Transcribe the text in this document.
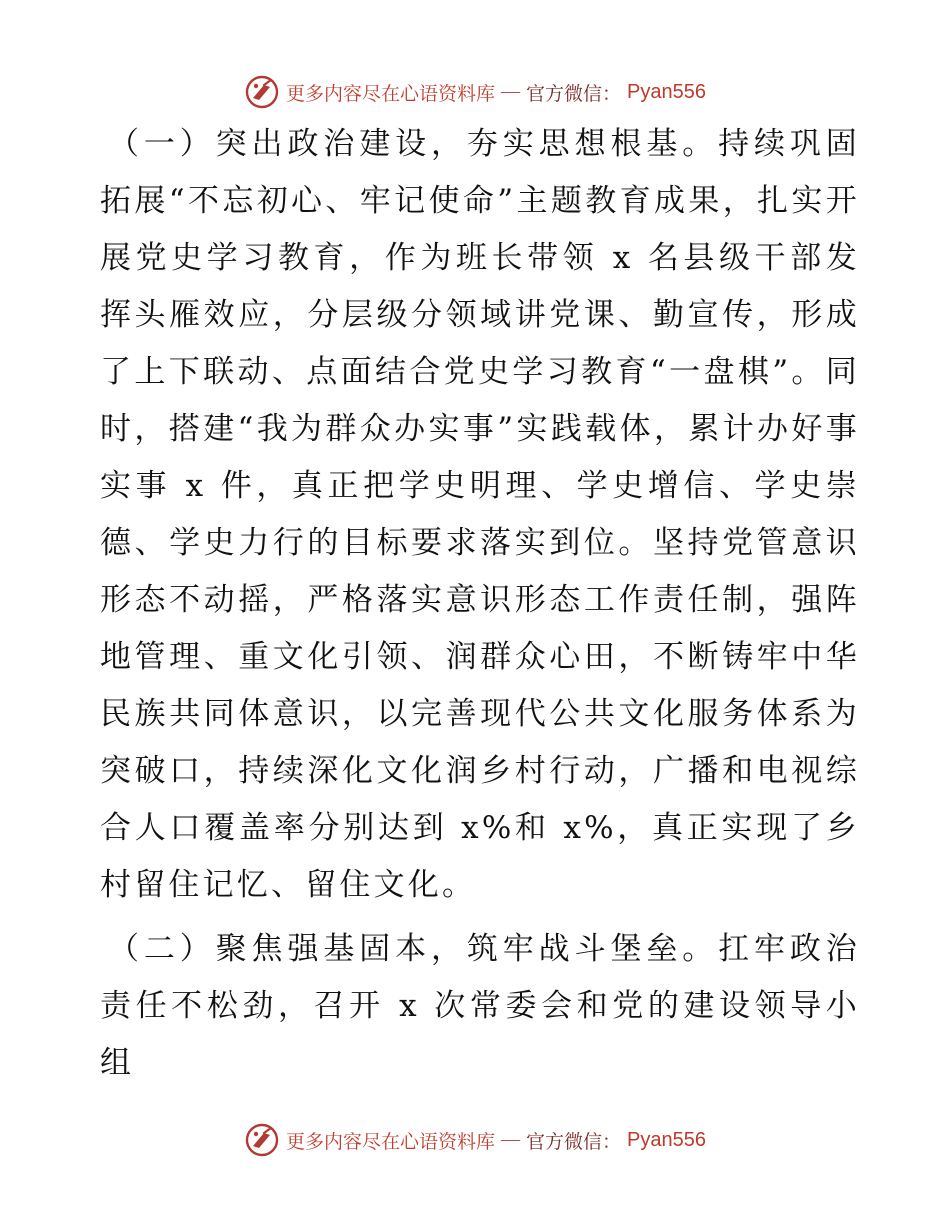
更多内容尽在心语资料库 — 官方微信： Pyan556

（一）突出政治建设，夯实思想根基。持续巩固拓展“不忘初心、牢记使命”主题教育成果，扎实开展党史学习教育，作为班长带领 x 名县级干部发挥头雁效应，分层级分领域讲党课、勤宣传，形成了上下联动、点面结合党史学习教育“一盘棋”。同时，搭建“我为群众办实事”实践载体，累计办好事实事 x 件，真正把学史明理、学史增信、学史崇德、学史力行的目标要求落实到位。坚持党管意识形态不动摇，严格落实意识形态工作责任制，强阵地管理、重文化引领、润群众心田，不断铸牢中华民族共同体意识，以完善现代公共文化服务体系为突破口，持续深化文化润乡村行动，广播和电视综合人口覆盖率分别达到 x%和 x%，真正实现了乡村留住记忆、留住文化。

（二）聚焦强基固本，筑牢战斗堡垒。扛牢政治责任不松劲，召开 x 次常委会和党的建设领导小组

更多内容尽在心语资料库 — 官方微信： Pyan556
